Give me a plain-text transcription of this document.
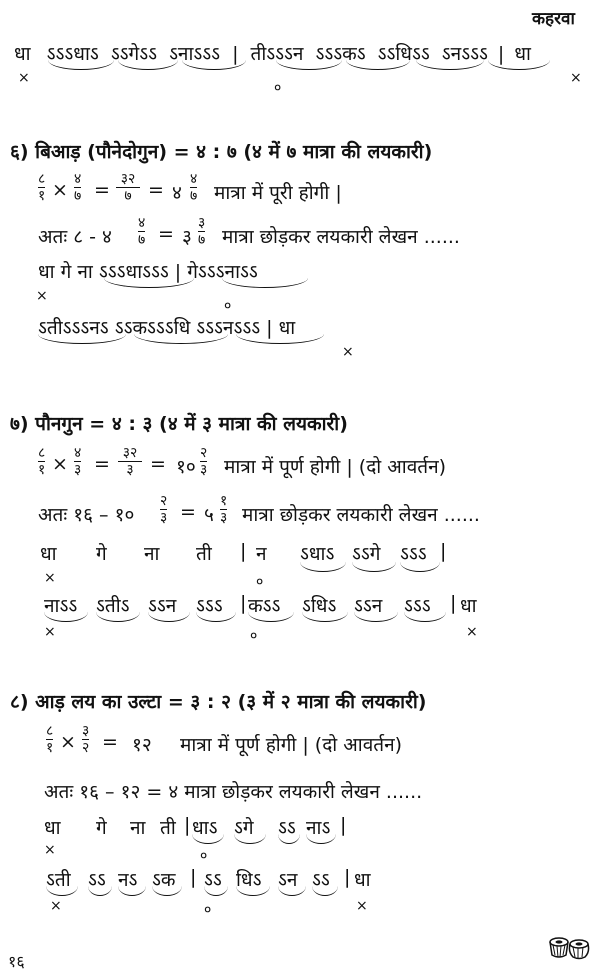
कहरवा
धा ऽऽऽधाऽ ऽऽगेऽऽ ऽनाऽऽऽ | तीऽऽऽन ऽऽऽकऽ ऽऽधिऽऽ ऽनऽऽऽ | धा
×
०
×
६) बिआड़ (पौनेदोगुन) = ४ : ७ (४ में ७ मात्रा की लयकारी)
८
१ × ४
७ = ३२
७ = ४
४
७ मात्रा में पूरी होगी |
अतः ८ - ४
४
७ = ३
३
७ मात्रा छोड़कर लयकारी लेखन ......
धा गे ना ऽऽऽधाऽऽऽ | गेऽऽऽनाऽऽ
×
०
ऽतीऽऽऽनऽ ऽऽकऽऽऽधि ऽऽऽनऽऽऽ | धा
×
७) पौनगुन = ४ : ३ (४ में ३ मात्रा की लयकारी)
८
१ × ४
३ = ३२
३ = १०
२
३ मात्रा में पूर्ण होगी | (दो आवर्तन)
अतः १६ – १०
२
३ = ५
१
३ मात्रा छोड़कर लयकारी लेखन ......
धा गे ना ती | न ऽधाऽ ऽऽगे ऽऽऽ |
×	०
नाऽऽ ऽतीऽ ऽऽन ऽऽऽ | कऽऽ ऽधिऽ ऽऽन ऽऽऽ | धा
×	०	×
८) आड़ लय का उल्टा = ३ : २ (३ में २ मात्रा की लयकारी)
८
१ × ३
२ = १२ मात्रा में पूर्ण होगी | (दो आवर्तन)
अतः १६ – १२ = ४ मात्रा छोड़कर लयकारी लेखन ......
धा गे ना ती | धाऽ ऽगे ऽऽ नाऽ |
×	०
ऽती ऽऽ नऽ ऽक | ऽऽ धिऽ ऽन ऽऽ | धा
×	०	×
१६
